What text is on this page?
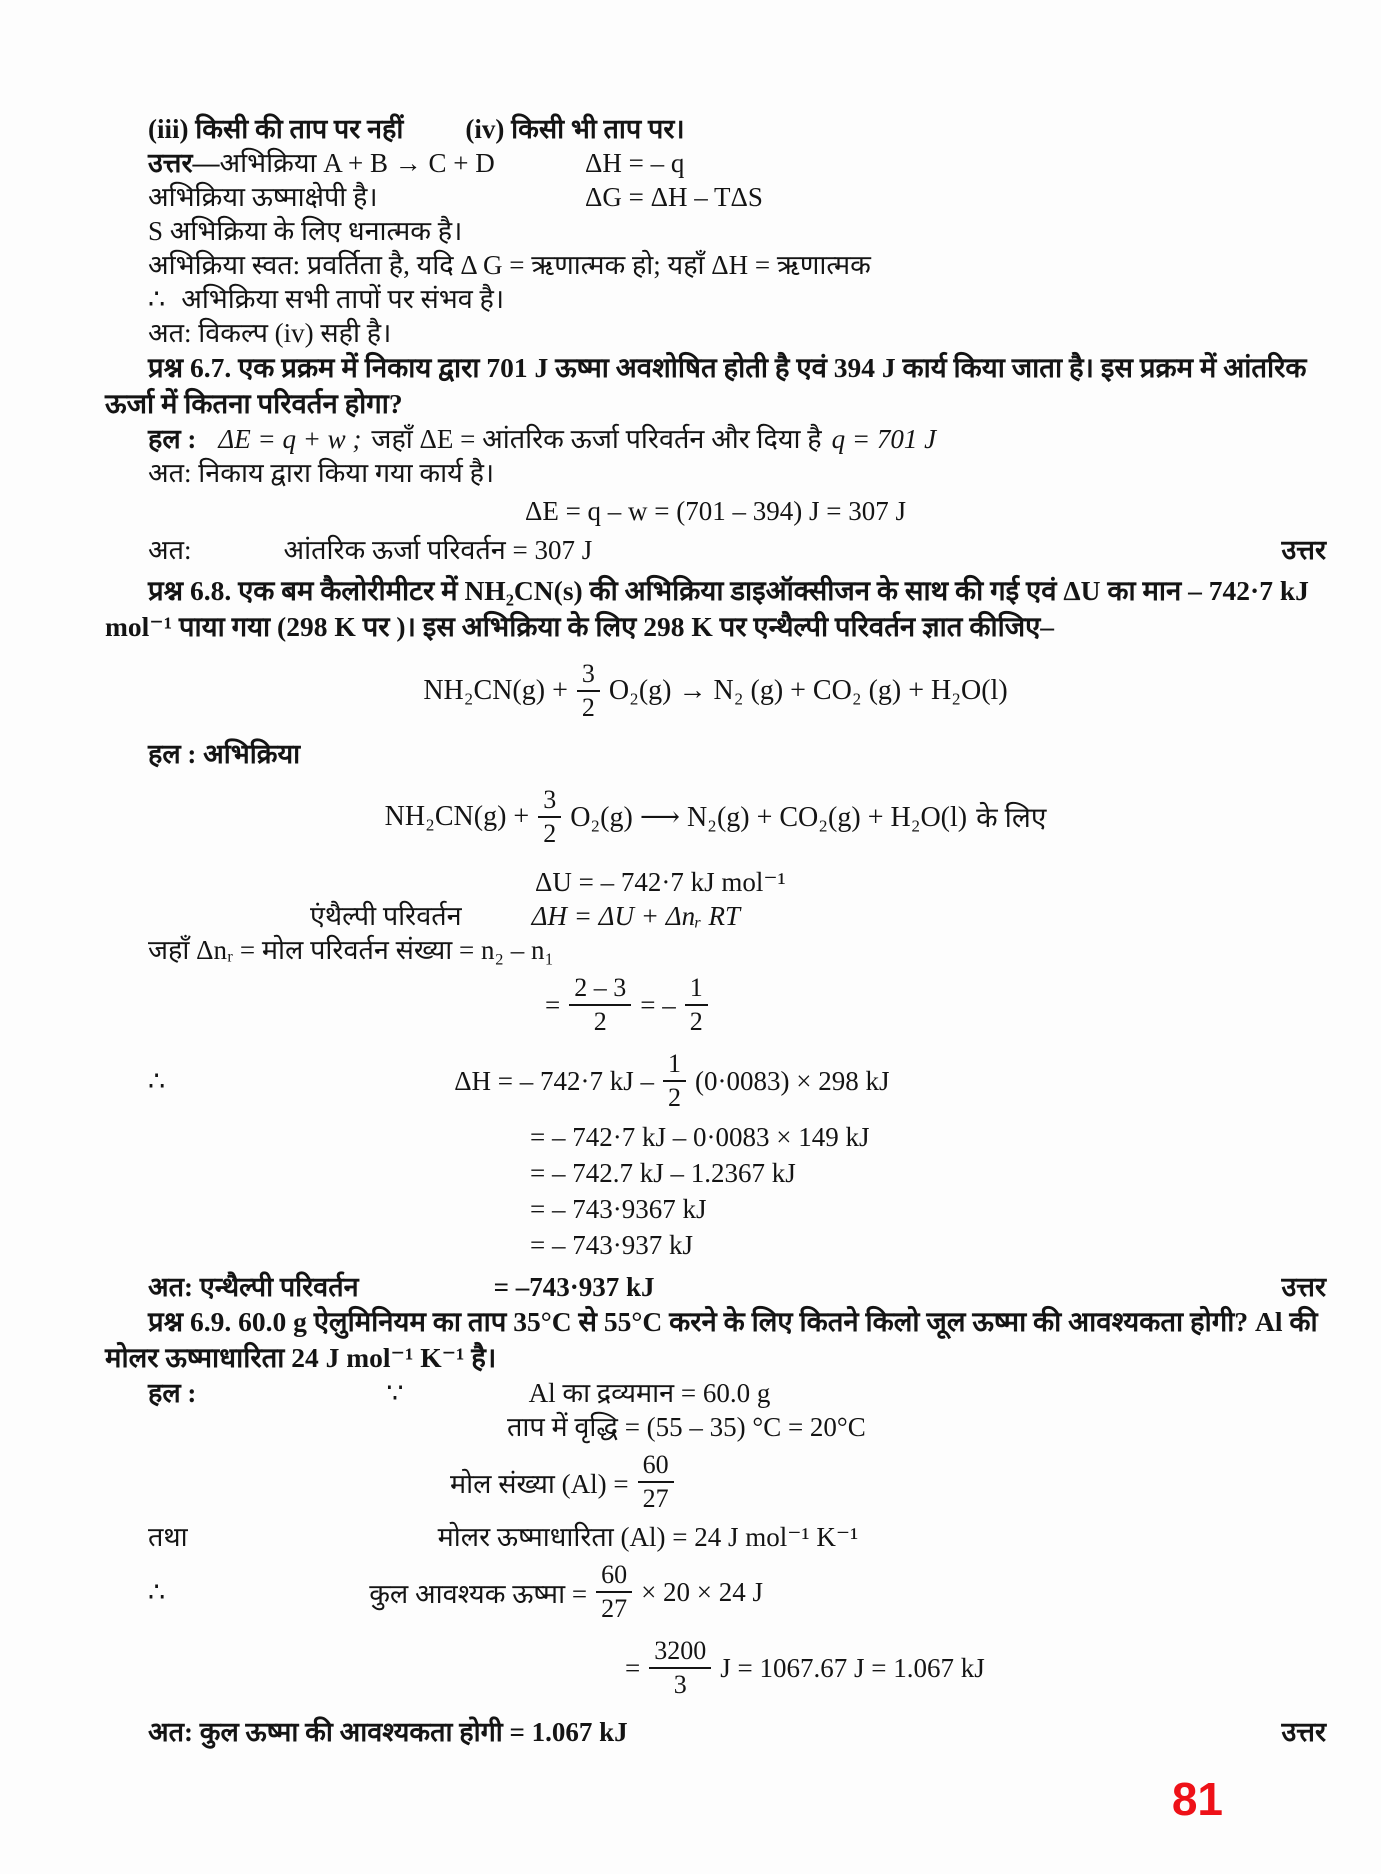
(iii) किसी की ताप पर नहीं (iv) किसी भी ताप पर।
उत्तर—अभिक्रिया A + B → C + D	ΔH = – q
अभिक्रिया ऊष्माक्षेपी है।	ΔG = ΔH – TΔS
S अभिक्रिया के लिए धनात्मक है।
अभिक्रिया स्वत: प्रवर्तिता है, यदि Δ G = ऋणात्मक हो; यहाँ ΔH = ऋणात्मक
∴ अभिक्रिया सभी तापों पर संभव है।
अत: विकल्प (iv) सही है।
प्रश्न 6.7. एक प्रक्रम में निकाय द्वारा 701 J ऊष्मा अवशोषित होती है एवं 394 J कार्य किया जाता है। इस प्रक्रम में आंतरिक ऊर्जा में कितना परिवर्तन होगा?
हल : ΔE = q + w ; जहाँ ΔE = आंतरिक ऊर्जा परिवर्तन और दिया है q = 701 J
अत: निकाय द्वारा किया गया कार्य है।
ΔE = q – w = (701 – 394) J = 307 J
अत:	आंतरिक ऊर्जा परिवर्तन = 307 J	उत्तर
प्रश्न 6.8. एक बम कैलोरीमीटर में NH₂CN(s) की अभिक्रिया डाइऑक्सीजन के साथ की गई एवं ΔU का मान – 742·7 kJ mol⁻¹ पाया गया (298 K पर )। इस अभिक्रिया के लिए 298 K पर एन्थैल्पी परिवर्तन ज्ञात कीजिए–
$NH_2CN(g) + \frac{3}{2} O_2(g) \to N_2$ (g) + CO₂ (g) + H₂O(l)
हल : अभिक्रिया
$NH_2CN(g) + \frac{3}{2} O_2(g)$ ⟶ N₂(g) + CO₂(g) + H₂O(l) के लिए
ΔU = – 742·7 kJ mol⁻¹
एंथैल्पी परिवर्तन	ΔH = ΔU + Δnᵣ RT
जहाँ Δnᵣ = मोल परिवर्तन संख्या = n₂ – n₁
= $\frac{2 - 3}{2}$ = – $\frac{1}{2}$
∴	ΔH = – 742·7 kJ – $\frac{1}{2} (0\cdot 0083) \times 298$ kJ
= – 742·7 kJ – 0·0083 × 149 kJ
= – 742.7 kJ – 1.2367 kJ
= – 743·9367 kJ
= – 743·937 kJ
अत: एन्थैल्पी परिवर्तन	= –743·937 kJ	उत्तर
प्रश्न 6.9. 60.0 g ऐलुमिनियम का ताप 35°C से 55°C करने के लिए कितने किलो जूल ऊष्मा की आवश्यकता होगी? Al की मोलर ऊष्माधारिता 24 J mol⁻¹ K⁻¹ है।
हल :	∵	Al का द्रव्यमान = 60.0 g
ताप में वृद्धि = (55 – 35) °C = 20°C
मोल संख्या $(Al) = \frac{60}{27}$
तथा	मोलर ऊष्माधारिता (Al) = 24 J mol⁻¹ K⁻¹
∴	कुल आवश्यक ऊष्मा = $\frac{60}{27} \times 20 \times 24$ J
= $\frac{3200}{3}$ J = 1067.67 J = 1.067 kJ
अत: कुल ऊष्मा की आवश्यकता होगी = 1.067 kJ	उत्तर
81
